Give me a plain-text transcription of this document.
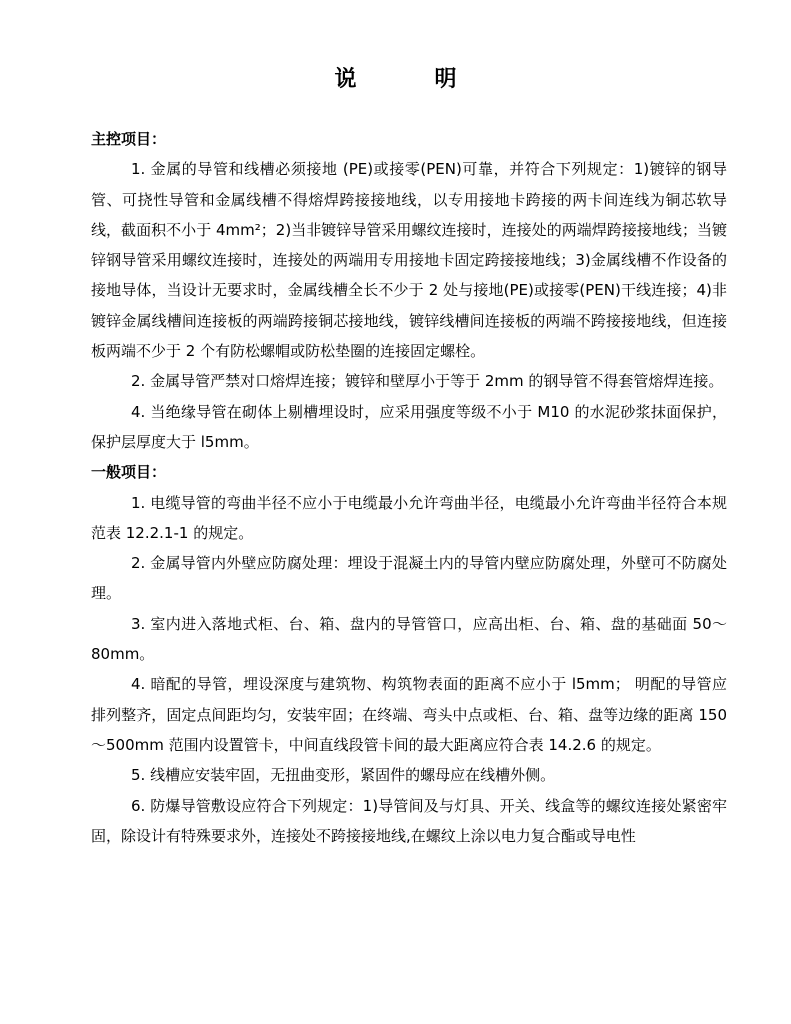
说　明

主控项目：

1. 金属的导管和线槽必须接地 (PE)或接零(PEN)可靠，并符合下列规定：1)镀锌的钢导管、可挠性导管和金属线槽不得熔焊跨接接地线，以专用接地卡跨接的两卡间连线为铜芯软导线，截面积不小于 4mm²；2)当非镀锌导管采用螺纹连接时，连接处的两端焊跨接接地线；当镀锌钢导管采用螺纹连接时，连接处的两端用专用接地卡固定跨接接地线；3)金属线槽不作设备的接地导体，当设计无要求时，金属线槽全长不少于 2 处与接地(PE)或接零(PEN)干线连接；4)非镀锌金属线槽间连接板的两端跨接铜芯接地线，镀锌线槽间连接板的两端不跨接接地线，但连接板两端不少于 2 个有防松螺帽或防松垫圈的连接固定螺栓。

2. 金属导管严禁对口熔焊连接；镀锌和壁厚小于等于 2mm 的钢导管不得套管熔焊连接。

4. 当绝缘导管在砌体上剔槽埋设时，应采用强度等级不小于 M10 的水泥砂浆抹面保护，保护层厚度大于 l5mm。

一般项目：

1. 电缆导管的弯曲半径不应小于电缆最小允许弯曲半径，电缆最小允许弯曲半径符合本规范表 12.2.1-1 的规定。

2. 金属导管内外壁应防腐处理：埋设于混凝土内的导管内壁应防腐处理，外壁可不防腐处理。

3. 室内进入落地式柜、台、箱、盘内的导管管口，应高出柜、台、箱、盘的基础面 50～80mm。

4. 暗配的导管，埋设深度与建筑物、构筑物表面的距离不应小于 l5mm； 明配的导管应排列整齐，固定点间距均匀，安装牢固；在终端、弯头中点或柜、台、箱、盘等边缘的距离 150～500mm 范围内设置管卡，中间直线段管卡间的最大距离应符合表 14.2.6 的规定。

5. 线槽应安装牢固，无扭曲变形，紧固件的螺母应在线槽外侧。

6. 防爆导管敷设应符合下列规定：1)导管间及与灯具、开关、线盒等的螺纹连接处紧密牢固，除设计有特殊要求外，连接处不跨接接地线,在螺纹上涂以电力复合酯或导电性
